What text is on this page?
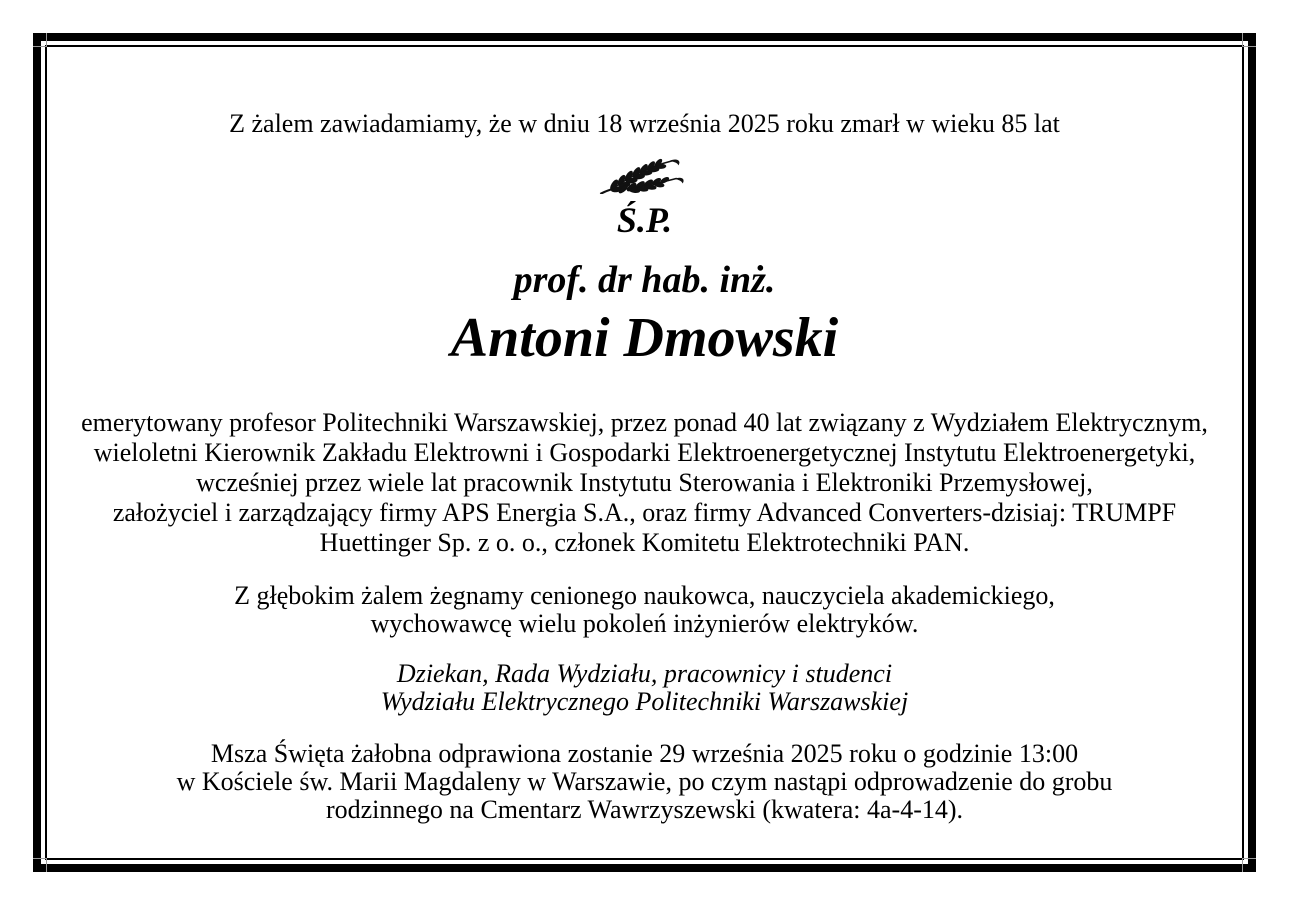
Z żalem zawiadamiamy, że w dniu 18 września 2025 roku zmarł w wieku 85 lat
Ś.P.
prof. dr hab. inż.
Antoni Dmowski
emerytowany profesor Politechniki Warszawskiej, przez ponad 40 lat związany z Wydziałem Elektrycznym,
wieloletni Kierownik Zakładu Elektrowni i Gospodarki Elektroenergetycznej Instytutu Elektroenergetyki,
wcześniej przez wiele lat pracownik Instytutu Sterowania i Elektroniki Przemysłowej,
założyciel i zarządzający firmy APS Energia S.A., oraz firmy Advanced Converters-dzisiaj: TRUMPF
Huettinger Sp. z o. o., członek Komitetu Elektrotechniki PAN.
Z głębokim żalem żegnamy cenionego naukowca, nauczyciela akademickiego,
wychowawcę wielu pokoleń inżynierów elektryków.
Dziekan, Rada Wydziału, pracownicy i studenci
Wydziału Elektrycznego Politechniki Warszawskiej
Msza Święta żałobna odprawiona zostanie 29 września 2025 roku o godzinie 13:00
w Kościele św. Marii Magdaleny w Warszawie, po czym nastąpi odprowadzenie do grobu
rodzinnego na Cmentarz Wawrzyszewski (kwatera: 4a-4-14).
